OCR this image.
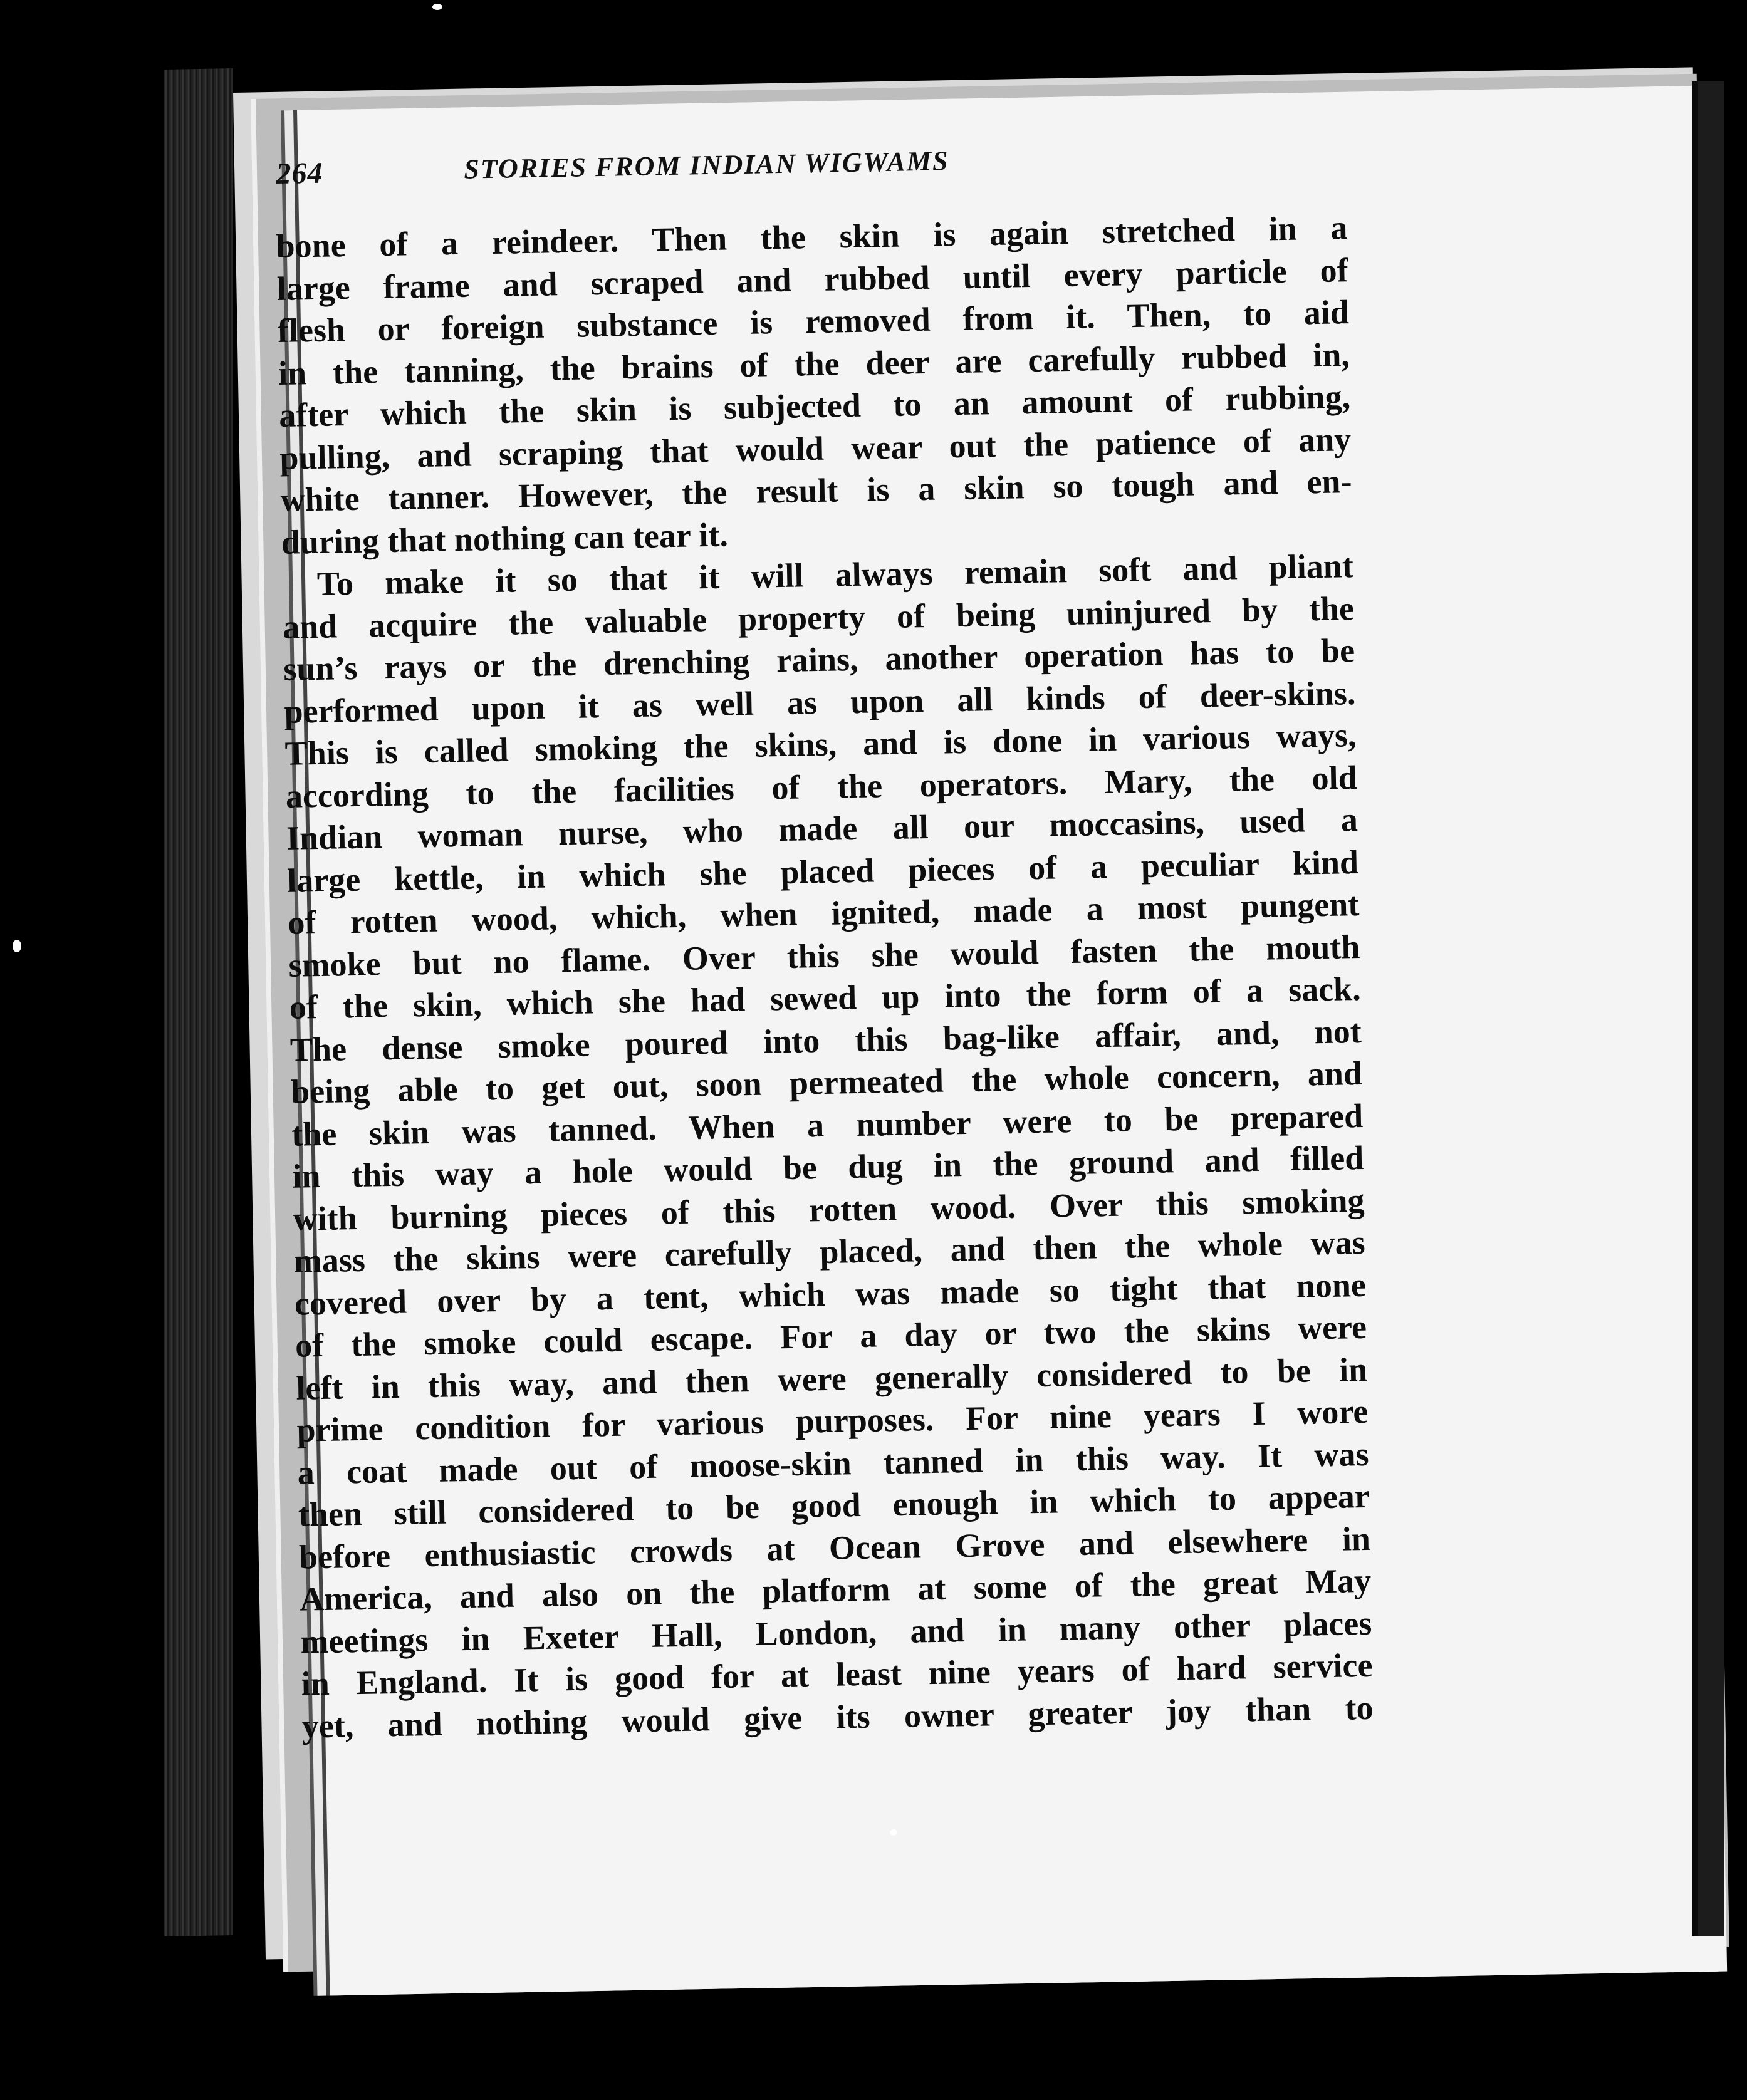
264	STORIES FROM INDIAN WIGWAMS
bone of a reindeer. Then the skin is again stretched in a
large frame and scraped and rubbed until every particle of
flesh or foreign substance is removed from it. Then, to aid
in the tanning, the brains of the deer are carefully rubbed in,
after which the skin is subjected to an amount of rubbing,
pulling, and scraping that would wear out the patience of any
white tanner. However, the result is a skin so tough and en-
during that nothing can tear it.
To make it so that it will always remain soft and pliant
and acquire the valuable property of being uninjured by the
sun’s rays or the drenching rains, another operation has to be
performed upon it as well as upon all kinds of deer-skins.
This is called smoking the skins, and is done in various ways,
according to the facilities of the operators. Mary, the old
Indian woman nurse, who made all our moccasins, used a
large kettle, in which she placed pieces of a peculiar kind
of rotten wood, which, when ignited, made a most pungent
smoke but no flame. Over this she would fasten the mouth
of the skin, which she had sewed up into the form of a sack.
The dense smoke poured into this bag-like affair, and, not
being able to get out, soon permeated the whole concern, and
the skin was tanned. When a number were to be prepared
in this way a hole would be dug in the ground and filled
with burning pieces of this rotten wood. Over this smoking
mass the skins were carefully placed, and then the whole was
covered over by a tent, which was made so tight that none
of the smoke could escape. For a day or two the skins were
left in this way, and then were generally considered to be in
prime condition for various purposes. For nine years I wore
a coat made out of moose-skin tanned in this way. It was
then still considered to be good enough in which to appear
before enthusiastic crowds at Ocean Grove and elsewhere in
America, and also on the platform at some of the great May
meetings in Exeter Hall, London, and in many other places
in England. It is good for at least nine years of hard service
yet, and nothing would give its owner greater joy than to
